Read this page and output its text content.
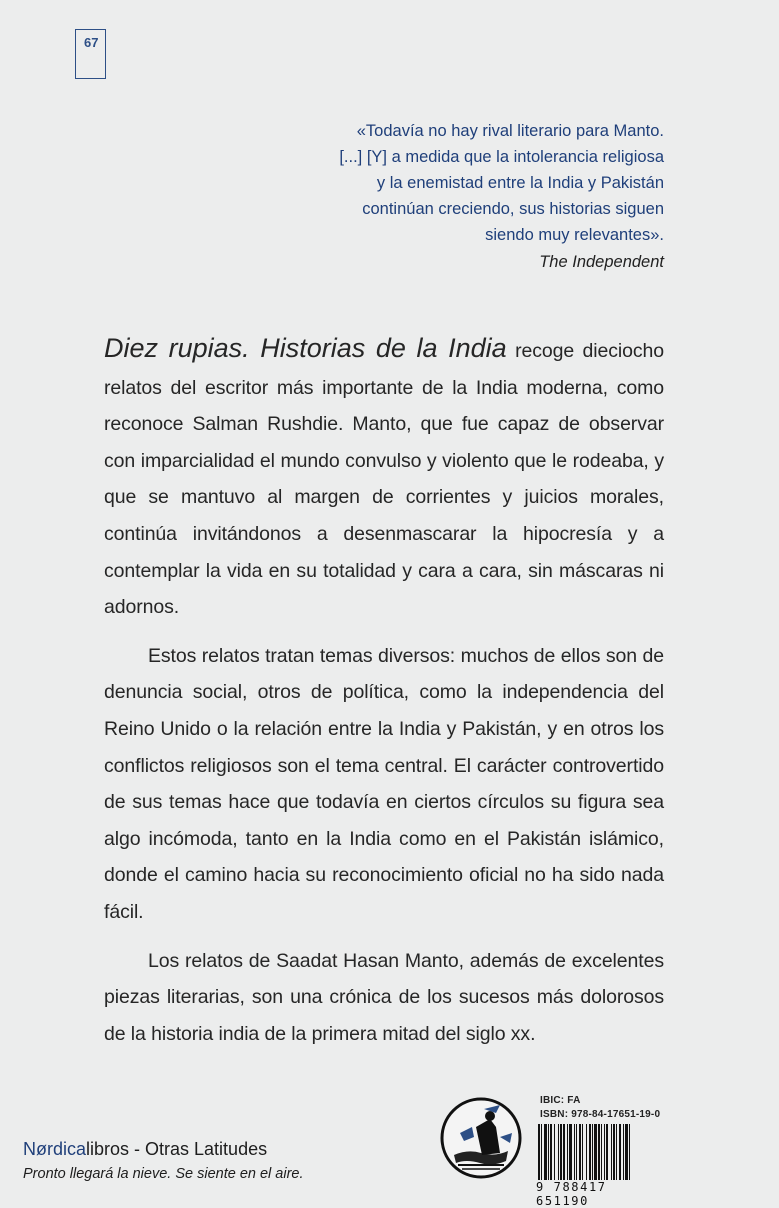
67
«Todavía no hay rival literario para Manto.
[...] [Y] a medida que la intolerancia religiosa
y la enemistad entre la India y Pakistán
continúan creciendo, sus historias siguen
siendo muy relevantes».
The Independent

Diez rupias. Historias de la India recoge dieciocho relatos del escritor más importante de la India moderna, como reconoce Salman Rushdie. Manto, que fue capaz de observar con imparcialidad el mundo convulso y violento que le rodeaba, y que se mantuvo al margen de corrientes y juicios morales, continúa invitándonos a desenmascarar la hipocresía y a contemplar la vida en su totalidad y cara a cara, sin máscaras ni adornos.

Estos relatos tratan temas diversos: muchos de ellos son de denuncia social, otros de política, como la independencia del Reino Unido o la relación entre la India y Pakistán, y en otros los conflictos religiosos son el tema central. El carácter controvertido de sus temas hace que todavía en ciertos círculos su figura sea algo incómoda, tanto en la India como en el Pakistán islámico, donde el camino hacia su reconocimiento oficial no ha sido nada fácil.

Los relatos de Saadat Hasan Manto, además de excelentes piezas literarias, son una crónica de los sucesos más dolorosos de la historia india de la primera mitad del siglo xx.

Nørdicalibros - Otras Latitudes
Pronto llegará la nieve. Se siente en el aire.
IBIC: FA
ISBN: 978-84-17651-19-0
9 788417 651190
